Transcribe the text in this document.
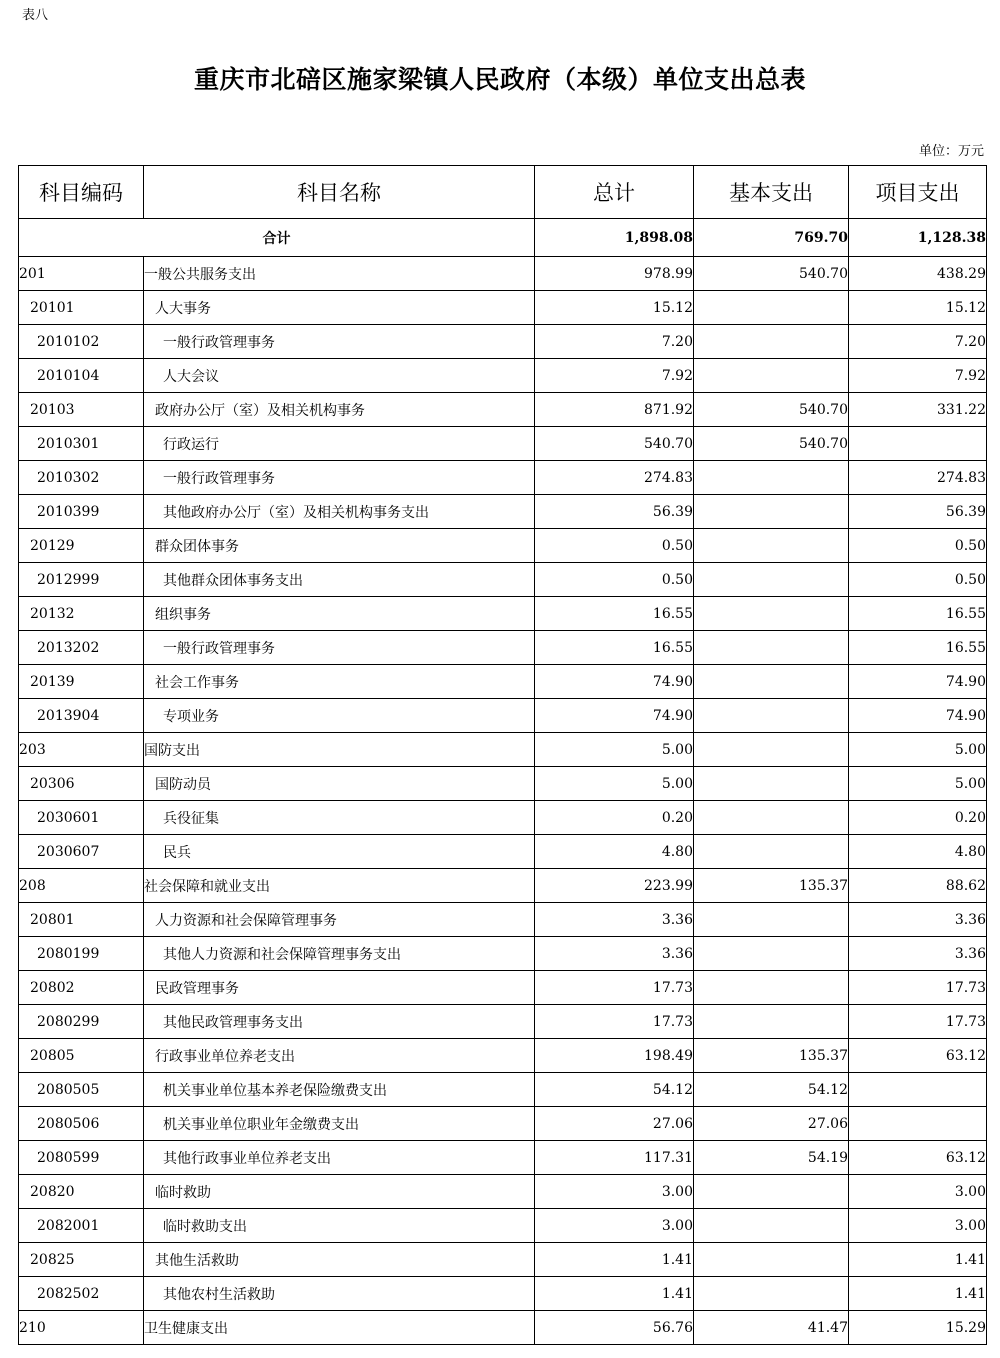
表八
重庆市北碚区施家梁镇人民政府（本级）单位支出总表
单位：万元
科目编码	科目名称	总计	基本支出	项目支出
合计		1,898.08	769.70	1,128.38
201	一般公共服务支出	978.99	540.70	438.29
20101	人大事务	15.12		15.12
2010102	一般行政管理事务	7.20		7.20
2010104	人大会议	7.92		7.92
20103	政府办公厅（室）及相关机构事务	871.92	540.70	331.22
2010301	行政运行	540.70	540.70	
2010302	一般行政管理事务	274.83		274.83
2010399	其他政府办公厅（室）及相关机构事务支出	56.39		56.39
20129	群众团体事务	0.50		0.50
2012999	其他群众团体事务支出	0.50		0.50
20132	组织事务	16.55		16.55
2013202	一般行政管理事务	16.55		16.55
20139	社会工作事务	74.90		74.90
2013904	专项业务	74.90		74.90
203	国防支出	5.00		5.00
20306	国防动员	5.00		5.00
2030601	兵役征集	0.20		0.20
2030607	民兵	4.80		4.80
208	社会保障和就业支出	223.99	135.37	88.62
20801	人力资源和社会保障管理事务	3.36		3.36
2080199	其他人力资源和社会保障管理事务支出	3.36		3.36
20802	民政管理事务	17.73		17.73
2080299	其他民政管理事务支出	17.73		17.73
20805	行政事业单位养老支出	198.49	135.37	63.12
2080505	机关事业单位基本养老保险缴费支出	54.12	54.12	
2080506	机关事业单位职业年金缴费支出	27.06	27.06	
2080599	其他行政事业单位养老支出	117.31	54.19	63.12
20820	临时救助	3.00		3.00
2082001	临时救助支出	3.00		3.00
20825	其他生活救助	1.41		1.41
2082502	其他农村生活救助	1.41		1.41
210	卫生健康支出	56.76	41.47	15.29
